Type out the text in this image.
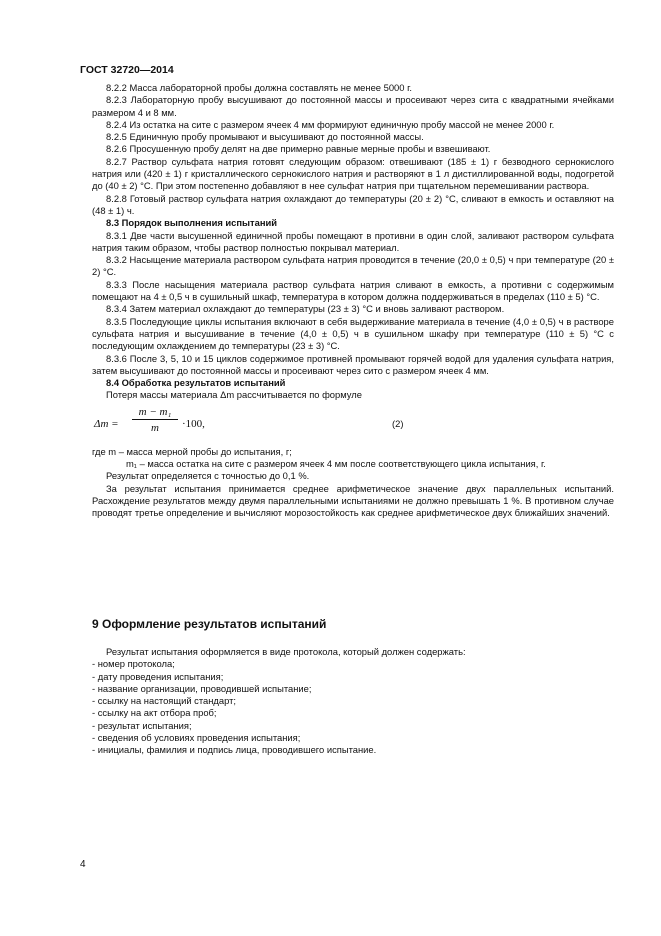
ГОСТ 32720—2014

8.2.2 Масса лабораторной пробы должна составлять не менее 5000 г.

8.2.3 Лабораторную пробу высушивают до постоянной массы и просеивают через сита с квадратными ячейками размером 4 и 8 мм.

8.2.4 Из остатка на сите с размером ячеек 4 мм формируют единичную пробу массой не менее 2000 г.

8.2.5 Единичную пробу промывают и высушивают до постоянной массы.

8.2.6 Просушенную пробу делят на две примерно равные мерные пробы и взвешивают.

8.2.7 Раствор сульфата натрия готовят следующим образом: отвешивают (185 ± 1) г безводного сернокислого натрия или (420 ± 1) г кристаллического сернокислого натрия и растворяют в 1 л дистиллированной воды, подогретой до (40 ± 2) °С. При этом постепенно добавляют в нее сульфат натрия при тщательном перемешивании раствора.

8.2.8 Готовый раствор сульфата натрия охлаждают до температуры (20 ± 2) °С, сливают в емкость и оставляют на (48 ± 1) ч.

8.3 Порядок выполнения испытаний

8.3.1 Две части высушенной единичной пробы помещают в противни в один слой, заливают раствором сульфата натрия таким образом, чтобы раствор полностью покрывал материал.

8.3.2 Насыщение материала раствором сульфата натрия проводится в течение (20,0 ± 0,5) ч при температуре (20 ± 2) °С.

8.3.3 После насыщения материала раствор сульфата натрия сливают в емкость, а противни с содержимым помещают на 4 ± 0,5 ч в сушильный шкаф, температура в котором должна поддерживаться в пределах (110 ± 5) °С.

8.3.4 Затем материал охлаждают до температуры (23 ± 3) °С и вновь заливают раствором.

8.3.5 Последующие циклы испытания включают в себя выдерживание материала в течение (4,0 ± 0,5) ч в растворе сульфата натрия и высушивание в течение (4,0 ± 0,5) ч в сушильном шкафу при температуре (110 ± 5) °С с последующим охлаждением до температуры (23 ± 3) °С.

8.3.6 После 3, 5, 10 и 15 циклов содержимое противней промывают горячей водой для удаления сульфата натрия, затем высушивают до постоянной массы и просеивают через сито с размером ячеек 4 мм.

8.4 Обработка результатов испытаний

Потеря массы материала Δm рассчитывается по формуле

$\Delta m = \frac{\text{m − m₁}}{m} \cdot 100$,	(2)

где m – масса мерной пробы до испытания, г;

m₁ – масса остатка на сите с размером ячеек 4 мм после соответствующего цикла испытания, г.

Результат определяется с точностью до 0,1 %.

За результат испытания принимается среднее арифметическое значение двух параллельных испытаний. Расхождение результатов между двумя параллельными испытаниями не должно превышать 1 %. В противном случае проводят третье определение и вычисляют морозостойкость как среднее арифметическое двух ближайших значений.

9 Оформление результатов испытаний

Результат испытания оформляется в виде протокола, который должен содержать:

- номер протокола;

- дату проведения испытания;

- название организации, проводившей испытание;

- ссылку на настоящий стандарт;

- ссылку на акт отбора проб;

- результат испытания;

- сведения об условиях проведения испытания;

- инициалы, фамилия и подпись лица, проводившего испытание.

4
